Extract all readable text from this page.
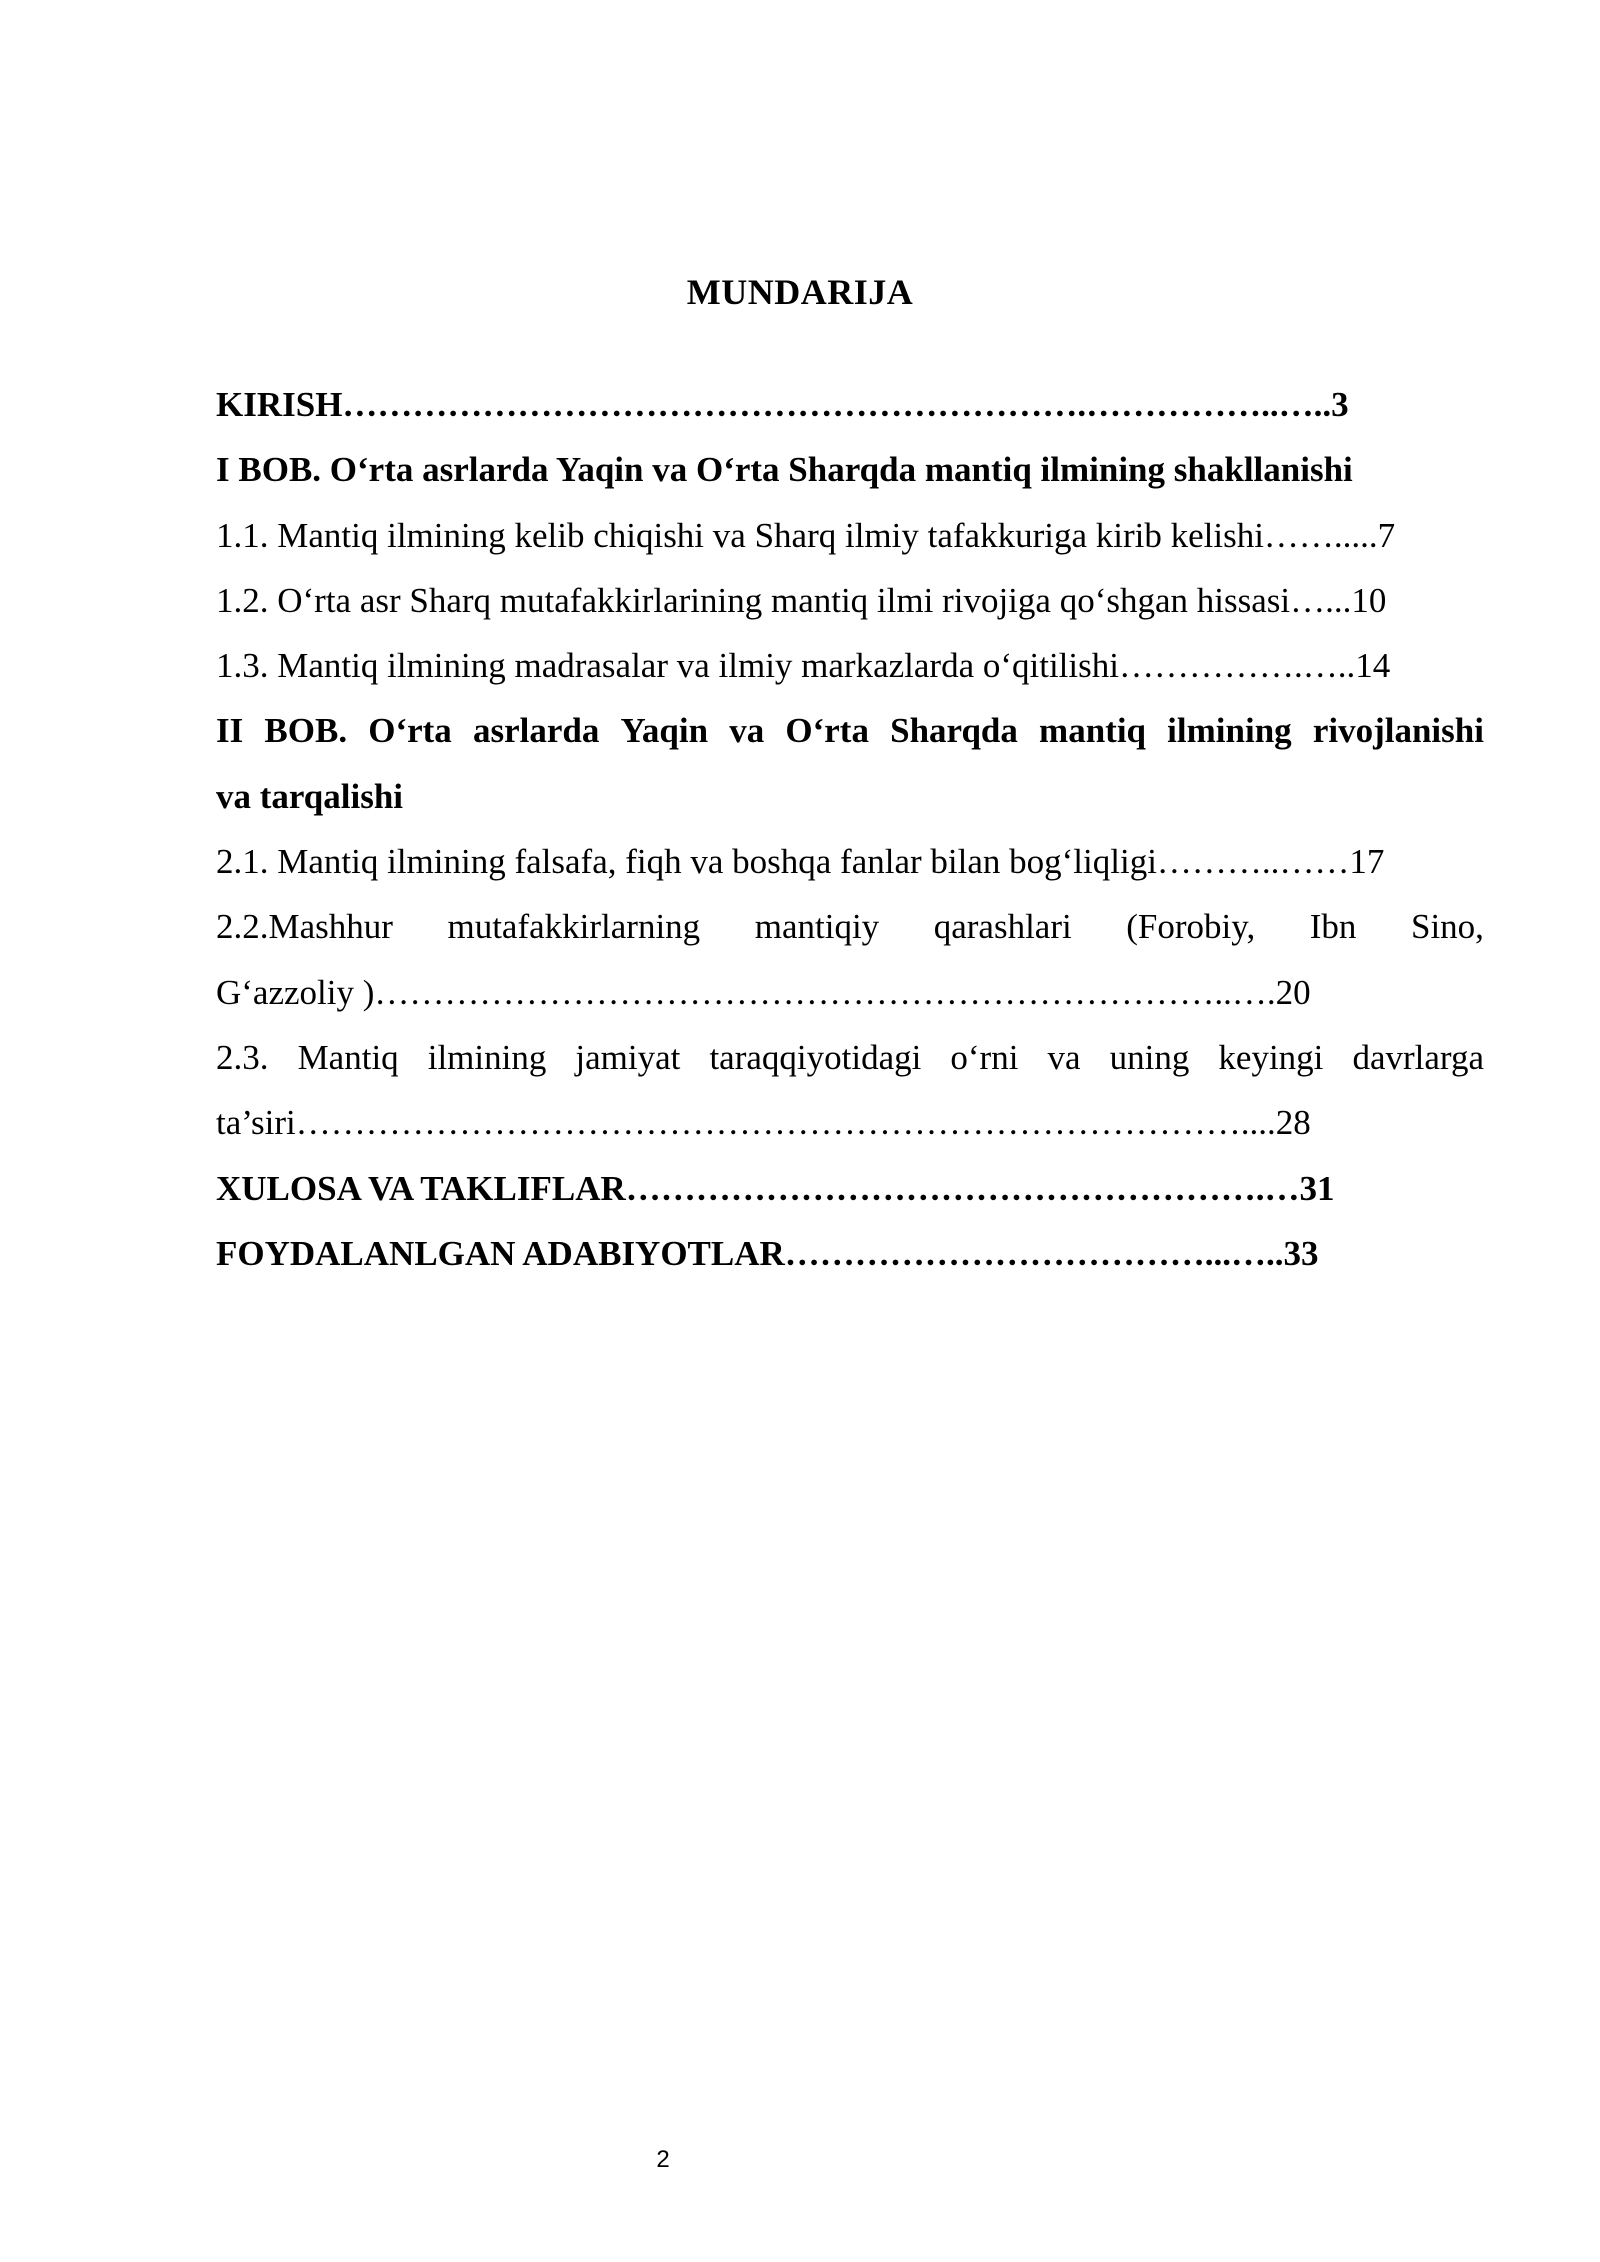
MUNDARIJA
KIRISH……………………………………………………….……………..…..3
I BOB. O‘rta asrlarda Yaqin va O‘rta Sharqda mantiq ilmining shakllanishi
1.1. Mantiq ilmining kelib chiqishi va Sharq ilmiy tafakkuriga kirib kelishi…….....7
1.2. O‘rta asr Sharq mutafakkirlarining mantiq ilmi rivojiga qo‘shgan hissasi…...10
1.3. Mantiq ilmining madrasalar va ilmiy markazlarda o‘qitilishi…………….…..14
II BOB. O‘rta asrlarda Yaqin va O‘rta Sharqda mantiq ilmining rivojlanishi
va tarqalishi
2.1. Mantiq ilmining falsafa, fiqh va boshqa fanlar bilan bog‘liqligi………..……17
2.2.Mashhur mutafakkirlarning mantiqiy qarashlari (Forobiy, Ibn Sino,
G‘azzoliy )………………………………………………………………..….20
2.3. Mantiq ilmining jamiyat taraqqiyotidagi o‘rni va uning keyingi davrlarga
ta’siri………………………………………………………………………....28
XULOSA VA TAKLIFLAR……………………………………………….…31
FOYDALANLGAN ADABIYOTLAR………………………………...…..33
2
